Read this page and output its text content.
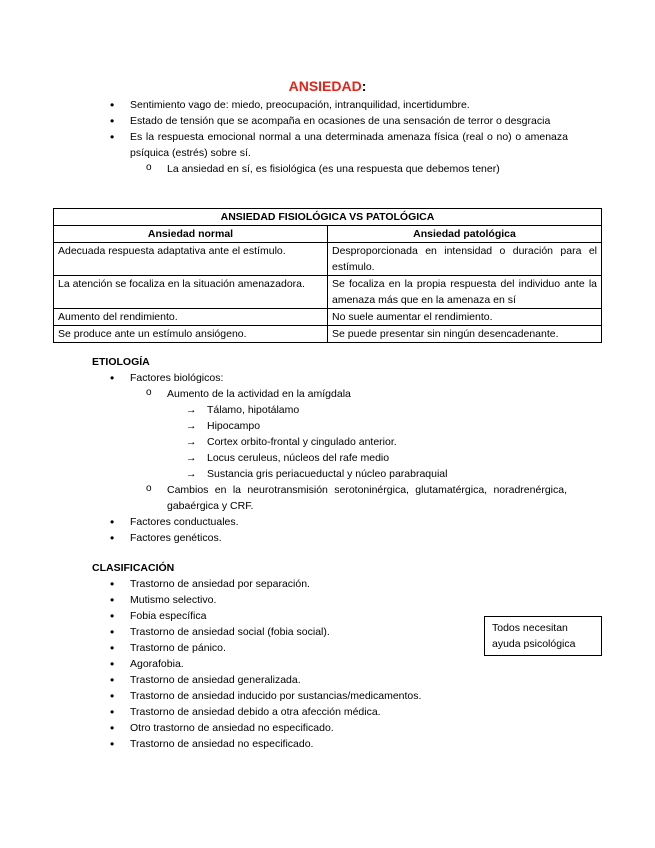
ANSIEDAD:
• Sentimiento vago de: miedo, preocupación, intranquilidad, incertidumbre.
• Estado de tensión que se acompaña en ocasiones de una sensación de terror o desgracia
• Es la respuesta emocional normal a una determinada amenaza física (real o no) o amenaza psíquica (estrés) sobre sí.
o La ansiedad en sí, es fisiológica (es una respuesta que debemos tener)
ANSIEDAD FISIOLÓGICA VS PATOLÓGICA	
Ansiedad normal	Ansiedad patológica
Adecuada respuesta adaptativa ante el estímulo.	Desproporcionada en intensidad o duración para el estímulo.
La atención se focaliza en la situación amenazadora.	Se focaliza en la propia respuesta del individuo ante la amenaza más que en la amenaza en sí
Aumento del rendimiento.	No suele aumentar el rendimiento.
Se produce ante un estímulo ansiógeno.	Se puede presentar sin ningún desencadenante.
ETIOLOGÍA
• Factores biológicos:
o Aumento de la actividad en la amígdala
→ Tálamo, hipotálamo
→ Hipocampo
→ Cortex orbito-frontal y cingulado anterior.
→ Locus ceruleus, núcleos del rafe medio
→ Sustancia gris periacueductal y núcleo parabraquial
o Cambios en la neurotransmisión serotoninérgica, glutamatérgica, noradrenérgica, gabaérgica y CRF.
• Factores conductuales.
• Factores genéticos.
CLASIFICACIÓN
• Trastorno de ansiedad por separación.
• Mutismo selectivo.
• Fobia específica
• Trastorno de ansiedad social (fobia social).
• Trastorno de pánico.
• Agorafobia.
• Trastorno de ansiedad generalizada.
• Trastorno de ansiedad inducido por sustancias/medicamentos.
• Trastorno de ansiedad debido a otra afección médica.
• Otro trastorno de ansiedad no especificado.
• Trastorno de ansiedad no especificado.
Todos necesitan ayuda psicológica
